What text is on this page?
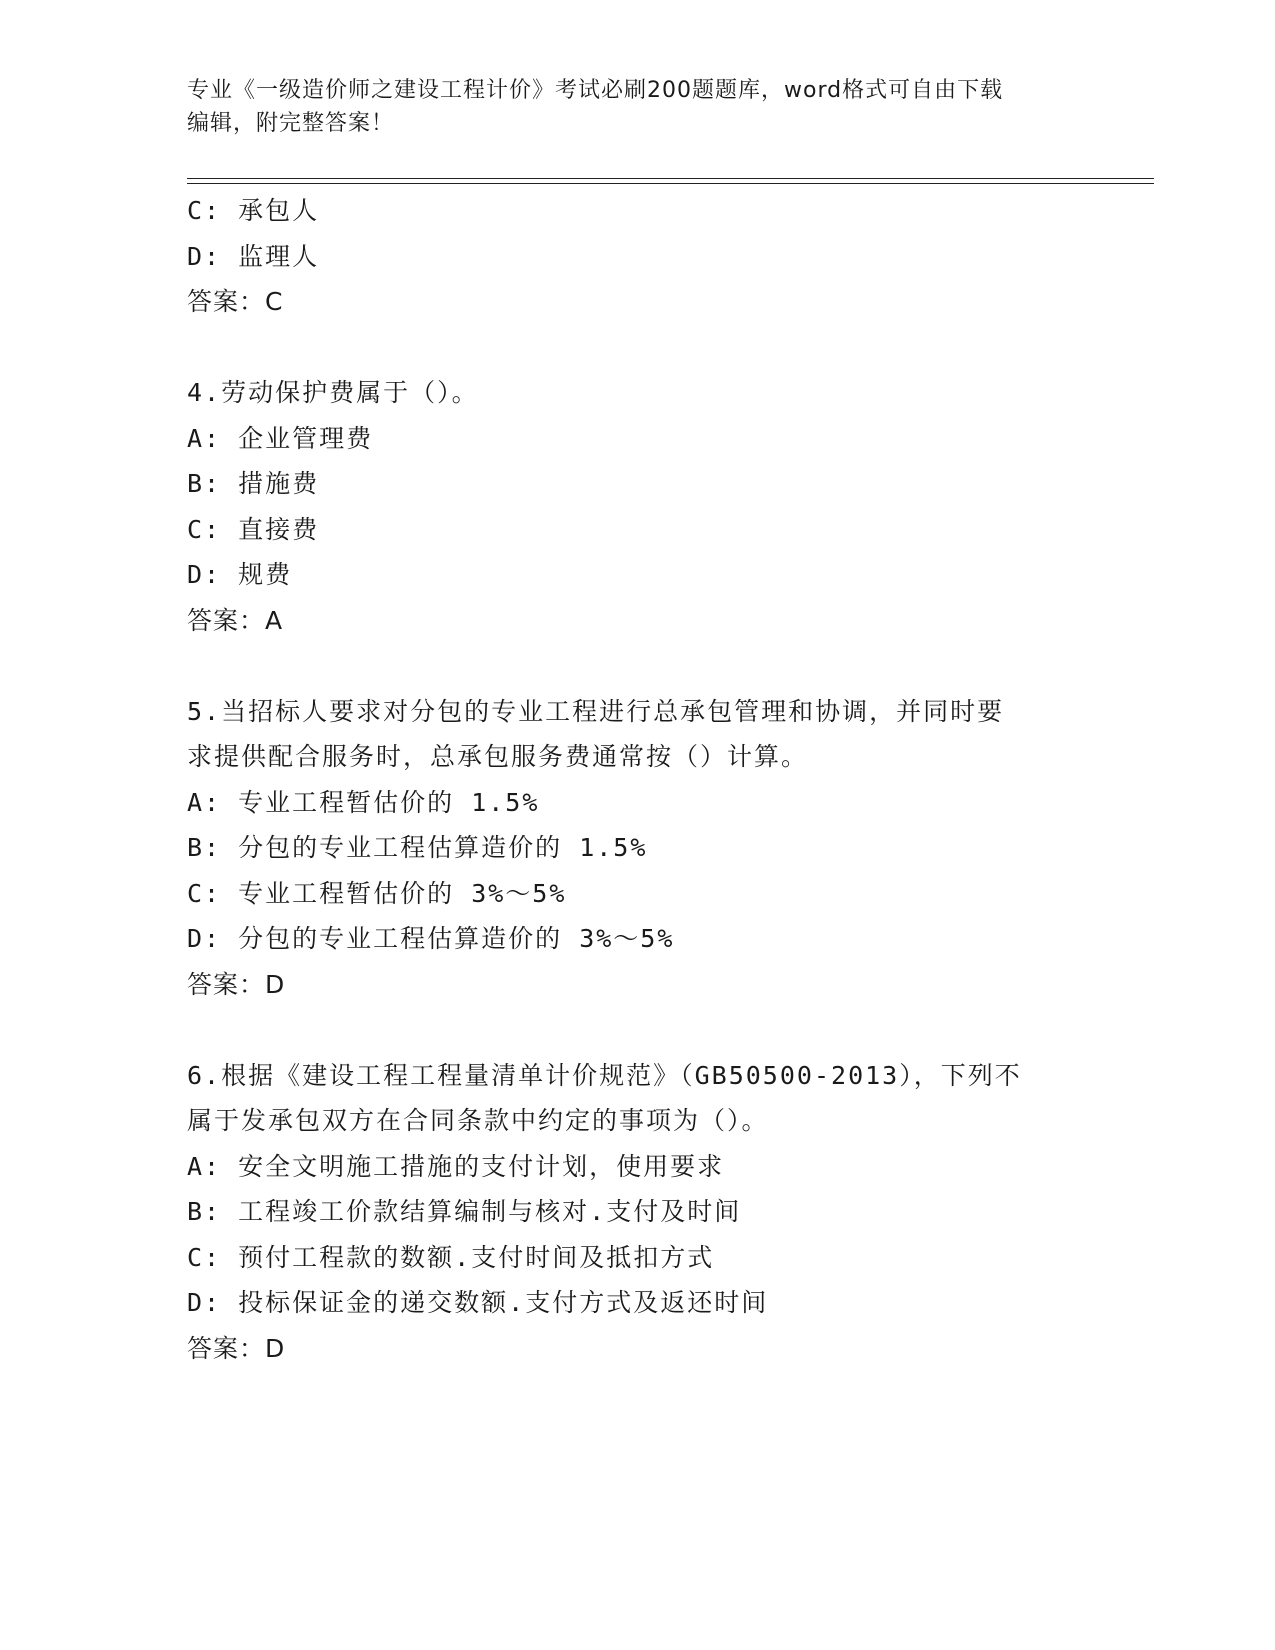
专业《一级造价师之建设工程计价》考试必刷200题题库，word格式可自由下载
编辑，附完整答案！
C: 承包人
D: 监理人
答案：C
4.劳动保护费属于（）。
A: 企业管理费
B: 措施费
C: 直接费
D: 规费
答案：A
5.当招标人要求对分包的专业工程进行总承包管理和协调，并同时要
求提供配合服务时，总承包服务费通常按（）计算。
A: 专业工程暂估价的 1.5%
B: 分包的专业工程估算造价的 1.5%
C: 专业工程暂估价的 3%～5%
D: 分包的专业工程估算造价的 3%～5%
答案：D
6.根据《建设工程工程量清单计价规范》（GB50500-2013），下列不
属于发承包双方在合同条款中约定的事项为（）。
A: 安全文明施工措施的支付计划，使用要求
B: 工程竣工价款结算编制与核对.支付及时间
C: 预付工程款的数额.支付时间及抵扣方式
D: 投标保证金的递交数额.支付方式及返还时间
答案：D
